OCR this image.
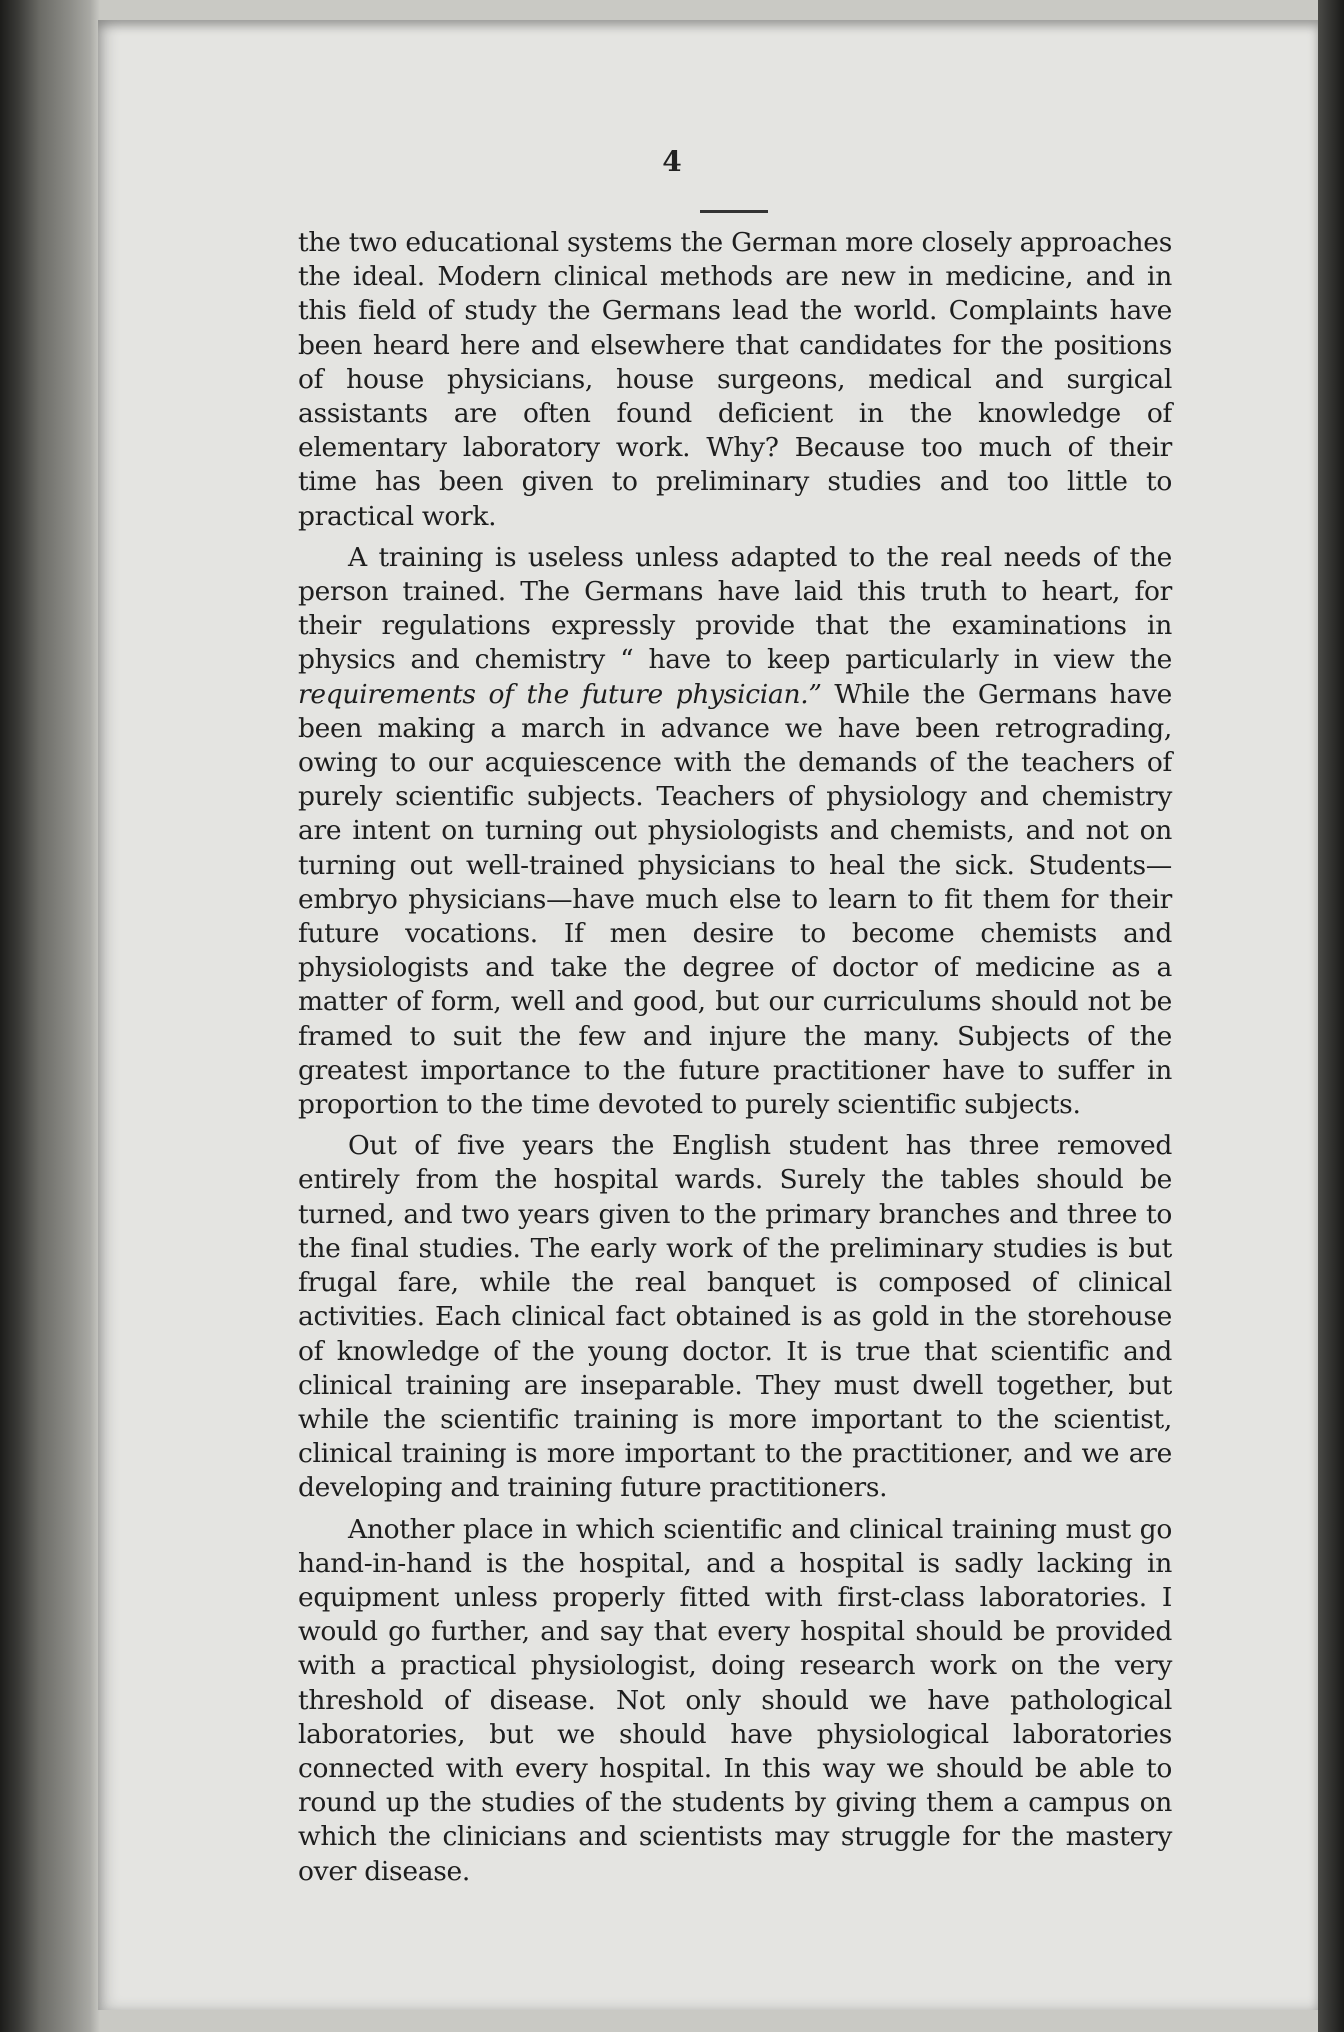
4

the two educational systems the German more closely approaches the ideal. Modern clinical methods are new in medicine, and in this field of study the Germans lead the world. Complaints have been heard here and elsewhere that candidates for the positions of house physicians, house surgeons, medical and surgical assistants are often found deficient in the knowledge of elementary laboratory work. Why? Because too much of their time has been given to preliminary studies and too little to practical work.

A training is useless unless adapted to the real needs of the person trained. The Germans have laid this truth to heart, for their regulations expressly provide that the examinations in physics and chemistry “ have to keep particularly in view the requirements of the future physician.” While the Germans have been making a march in advance we have been retrograding, owing to our acquiescence with the demands of the teachers of purely scientific subjects. Teachers of physiology and chemistry are intent on turning out physiologists and chemists, and not on turning out well-trained physicians to heal the sick. Students—embryo physicians—have much else to learn to fit them for their future vocations. If men desire to become chemists and physiologists and take the degree of doctor of medicine as a matter of form, well and good, but our curriculums should not be framed to suit the few and injure the many. Subjects of the greatest importance to the future practitioner have to suffer in proportion to the time devoted to purely scientific subjects.

Out of five years the English student has three removed entirely from the hospital wards. Surely the tables should be turned, and two years given to the primary branches and three to the final studies. The early work of the preliminary studies is but frugal fare, while the real banquet is composed of clinical activities. Each clinical fact obtained is as gold in the storehouse of knowledge of the young doctor. It is true that scientific and clinical training are inseparable. They must dwell together, but while the scientific training is more important to the scientist, clinical training is more important to the practitioner, and we are developing and training future practitioners.

Another place in which scientific and clinical training must go hand-in-hand is the hospital, and a hospital is sadly lacking in equipment unless properly fitted with first-class laboratories. I would go further, and say that every hospital should be provided with a practical physiologist, doing research work on the very threshold of disease. Not only should we have pathological laboratories, but we should have physiological laboratories connected with every hospital. In this way we should be able to round up the studies of the students by giving them a campus on which the clinicians and scientists may struggle for the mastery over disease.
